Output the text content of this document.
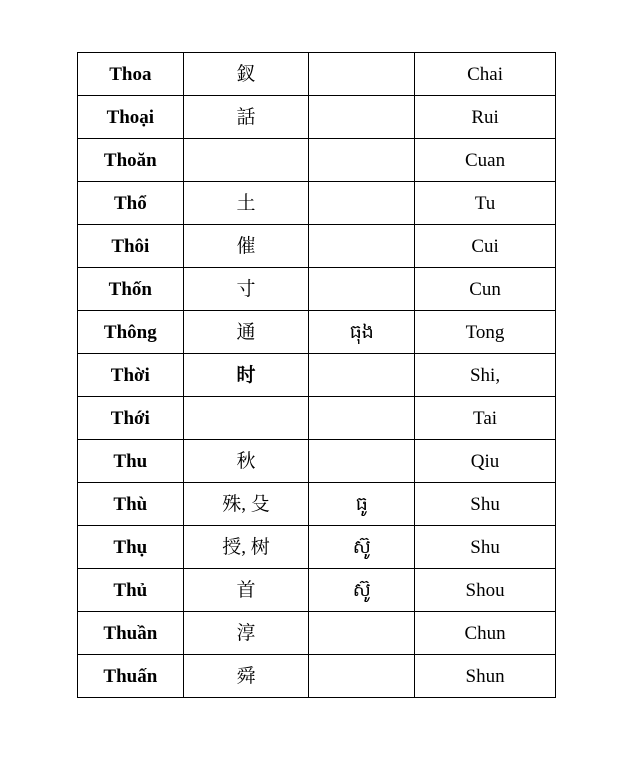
Thoa	釵		Chai
Thoại	話		Rui
Thoăn			Cuan
Thổ	土		Tu
Thôi	催		Cui
Thốn	寸		Cun
Thông	通	ធុង	Tong
Thời	时		Shi,
Thới			Tai
Thu	秋		Qiu
Thù	殊, 殳	ធូ	Shu
Thụ	授, 树	ស៊ូ	Shu
Thủ	首	ស៊ូ	Shou
Thuần	淳		Chun
Thuấn	舜		Shun
